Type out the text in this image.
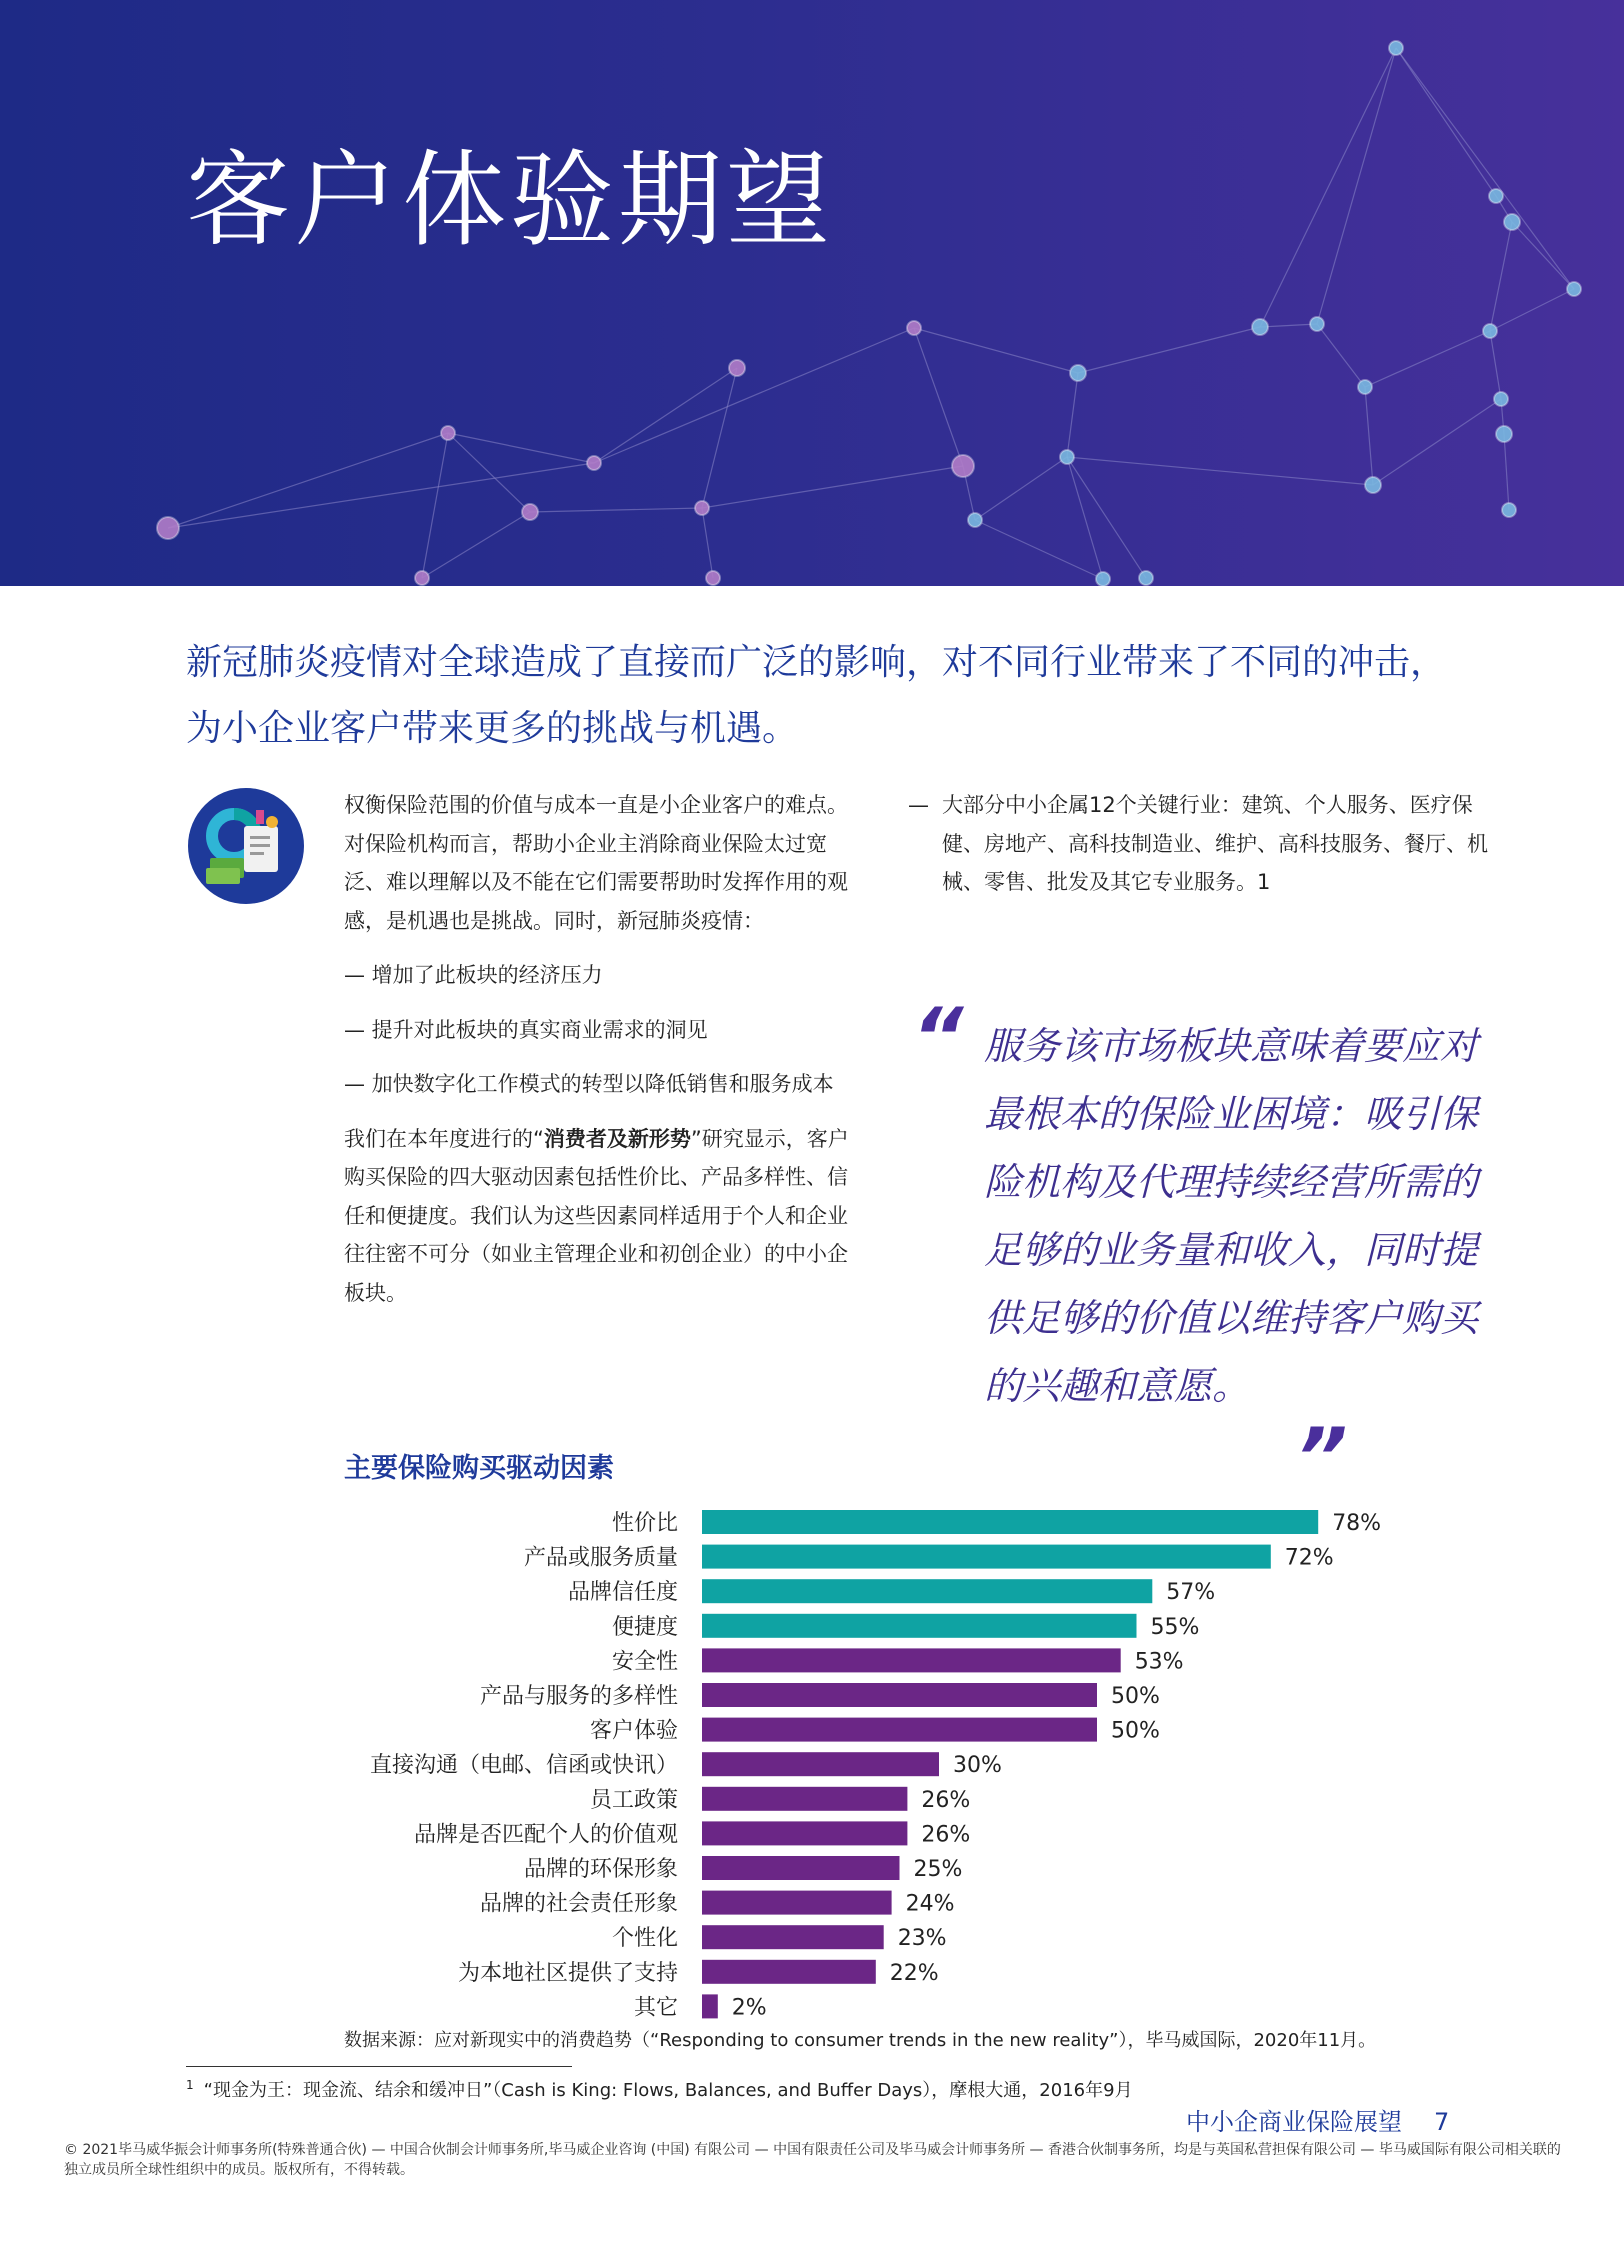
客户体验期望
新冠肺炎疫情对全球造成了直接而广泛的影响，对不同行业带来了不同的冲击，
为小企业客户带来更多的挑战与机遇。

权衡保险范围的价值与成本一直是小企业客户的难点。对保险机构而言，帮助小企业主消除商业保险太过宽泛、难以理解以及不能在它们需要帮助时发挥作用的观感，是机遇也是挑战。同时，新冠肺炎疫情：

— 增加了此板块的经济压力

— 提升对此板块的真实商业需求的洞见

— 加快数字化工作模式的转型以降低销售和服务成本

我们在本年度进行的“消费者及新形势”研究显示，客户购买保险的四大驱动因素包括性价比、产品多样性、信任和便捷度。我们认为这些因素同样适用于个人和企业往往密不可分（如业主管理企业和初创企业）的中小企板块。

— 大部分中小企属12个关键行业：建筑、个人服务、医疗保健、房地产、高科技制造业、维护、高科技服务、餐厅、机械、零售、批发及其它专业服务。1
“ 服务该市场板块意味着要应对最根本的保险业困境：吸引保险机构及代理持续经营所需的足够的业务量和收入，同时提供足够的价值以维持客户购买的兴趣和意愿。
”
主要保险购买驱动因素
性价比	78%
产品或服务质量	72%
品牌信任度	57%
便捷度	55%
安全性	53%
产品与服务的多样性	50%
客户体验	50%
直接沟通（电邮、信函或快讯）	30%
员工政策	26%
品牌是否匹配个人的价值观	26%
品牌的环保形象	25%
品牌的社会责任形象	24%
个性化	23%
为本地社区提供了支持	22%
其它 2%
数据来源：应对新现实中的消费趋势（“Responding to consumer trends in the new reality”），毕马威国际，2020年11月。
$^1$ “现金为王：现金流、结余和缓冲日”（Cash is King: Flows, Balances, and Buffer Days），摩根大通，2016年9月
中小企商业保险展望 7
© 2021毕马威华振会计师事务所(特殊普通合伙) — 中国合伙制会计师事务所,毕马威企业咨询 (中国) 有限公司 — 中国有限责任公司及毕马威会计师事务所 — 香港合伙制事务所，均是与英国私营担保有限公司 — 毕马威国际有限公司相关联的独立成员所全球性组织中的成员。版权所有，不得转载。
